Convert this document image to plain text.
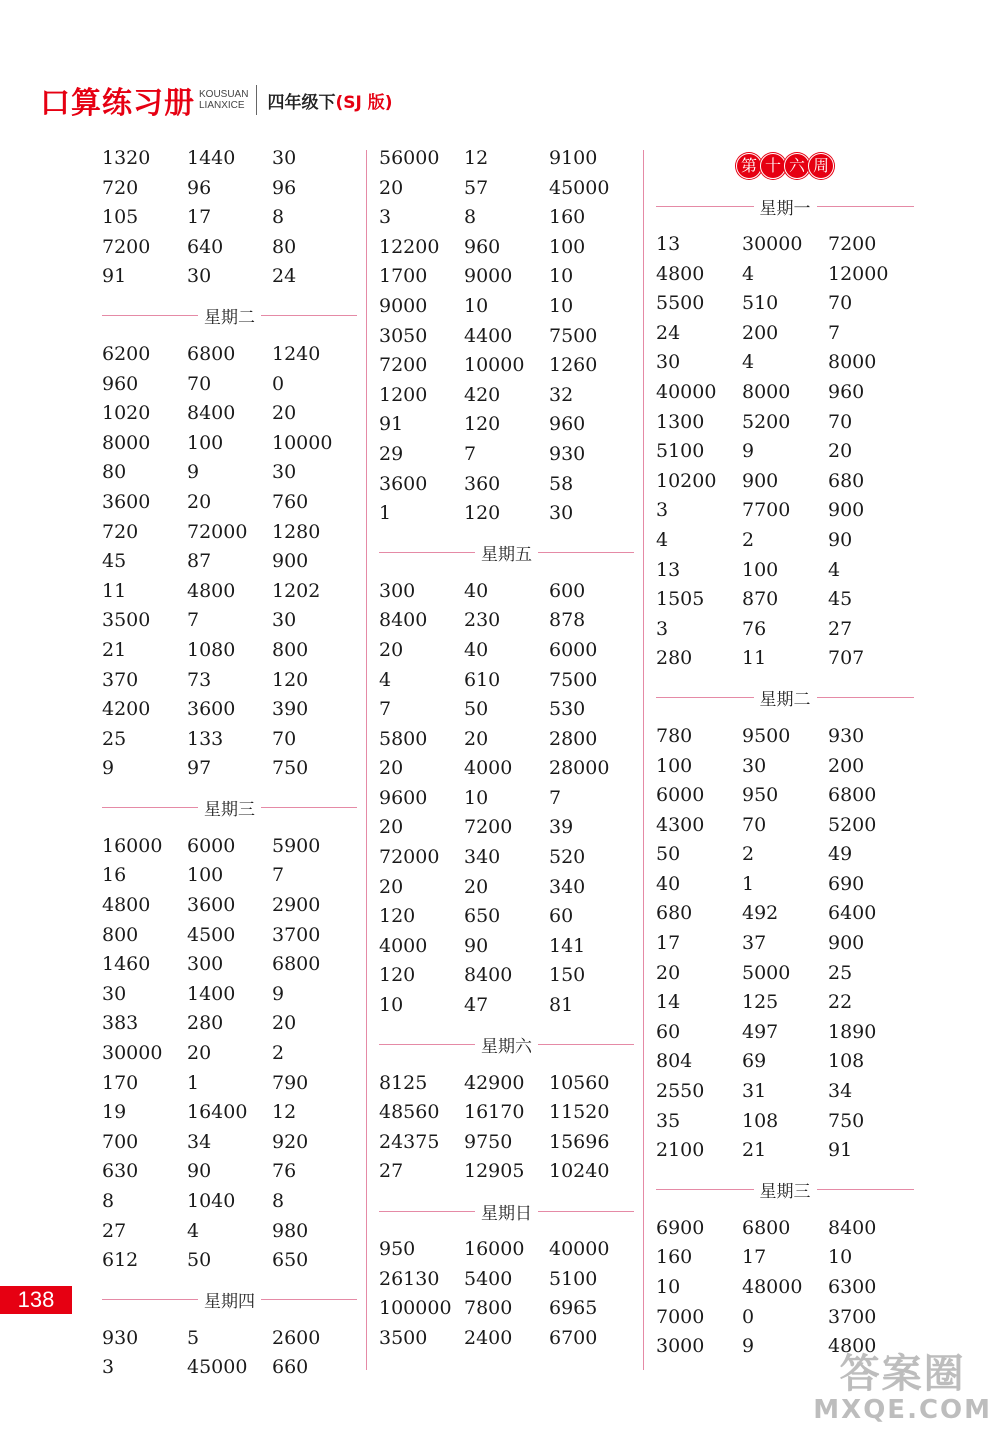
口算练习册 KOUSUAN
LIANXICE 四年级下(SJ 版)
1320	1440	30
720	96	96
105	17	8
7200	640	80
91	30	24
星期二
6200	6800	1240
960	70	0
1020	8400	20
8000	100	10000
80	9	30
3600	20	760
720	72000	1280
45	87	900
11	4800	1202
3500	7	30
21	1080	800
370	73	120
4200	3600	390
25	133	70
9	97	750
星期三
16000	6000	5900
16	100	7
4800	3600	2900
800	4500	3700
1460	300	6800
30	1400	9
383	280	20
30000	20	2
170	1	790
19	16400	12
700	34	920
630	90	76
8	1040	8
27	4	980
612	50	650
星期四
930	5	2600
3	45000	660
56000	12	9100
20	57	45000
3	8	160
12200	960	100
1700	9000	10
9000	10	10
3050	4400	7500
7200	10000	1260
1200	420	32
91	120	960
29	7	930
3600	360	58
1	120	30
星期五
300	40	600
8400	230	878
20	40	6000
4	610	7500
7	50	530
5800	20	2800
20	4000	28000
9600	10	7
20	7200	39
72000	340	520
20	20	340
120	650	60
4000	90	141
120	8400	150
10	47	81
星期六
8125	42900	10560
48560	16170	11520
24375	9750	15696
27	12905	10240
星期日
950	16000	40000
26130	5400	5100
100000 7800	6965
3500	2400	6700
第 十 六 周
星期一
13	30000	7200
4800	4	12000
5500	510	70
24	200	7
30	4	8000
40000	8000	960
1300	5200	70
5100	9	20
10200	900	680
3	7700	900
4	2	90
13	100	4
1505	870	45
3	76	27
280	11	707
星期二
780	9500	930
100	30	200
6000	950	6800
4300	70	5200
50	2	49
40	1	690
680	492	6400
17	37	900
20	5000	25
14	125	22
60	497	1890
804	69	108
2550	31	34
35	108	750
2100	21	91
星期三
6900	6800	8400
160	17	10
10	48000	6300
7000	0	3700
3000	9	4800
138
答案圈
MXQE.COM
